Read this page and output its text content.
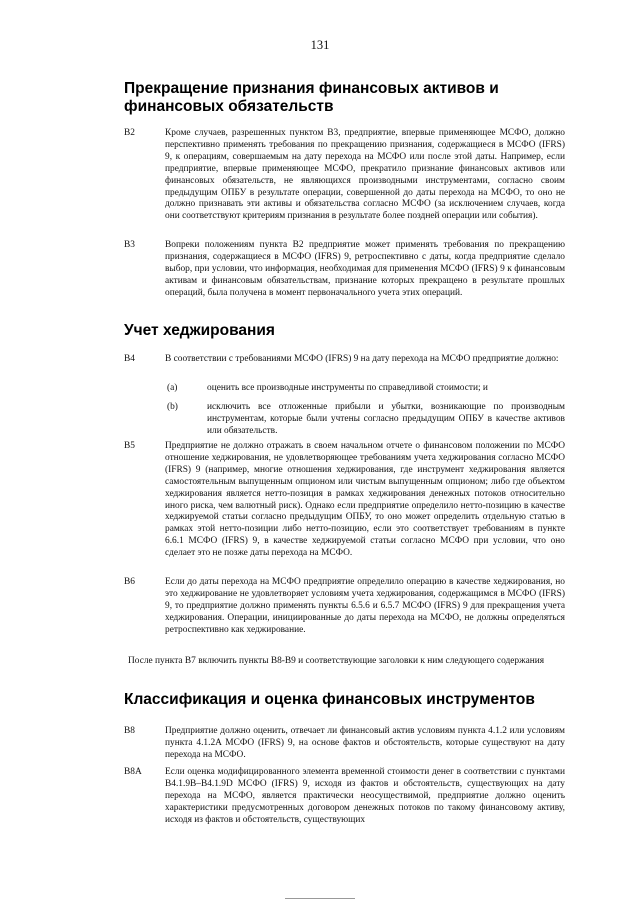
131
Прекращение признания финансовых активов и финансовых обязательств
B2	Кроме случаев, разрешенных пунктом B3, предприятие, впервые применяющее МСФО, должно перспективно применять требования по прекращению признания, содержащиеся в МСФО (IFRS) 9, к операциям, совершаемым на дату перехода на МСФО или после этой даты. Например, если предприятие, впервые применяющее МСФО, прекратило признание финансовых активов или финансовых обязательств, не являющихся производными инструментами, согласно своим предыдущим ОПБУ в результате операции, совершенной до даты перехода на МСФО, то оно не должно признавать эти активы и обязательства согласно МСФО (за исключением случаев, когда они соответствуют критериям признания в результате более поздней операции или события).
B3	Вопреки положениям пункта B2 предприятие может применять требования по прекращению признания, содержащиеся в МСФО (IFRS) 9, ретроспективно с даты, когда предприятие сделало выбор, при условии, что информация, необходимая для применения МСФО (IFRS) 9 к финансовым активам и финансовым обязательствам, признание которых прекращено в результате прошлых операций, была получена в момент первоначального учета этих операций.
Учет хеджирования
B4	В соответствии с требованиями МСФО (IFRS) 9 на дату перехода на МСФО предприятие должно:
(a)	оценить все производные инструменты по справедливой стоимости; и
(b)	исключить все отложенные прибыли и убытки, возникающие по производным инструментам, которые были учтены согласно предыдущим ОПБУ в качестве активов или обязательств.
B5	Предприятие не должно отражать в своем начальном отчете о финансовом положении по МСФО отношение хеджирования, не удовлетворяющее требованиям учета хеджирования согласно МСФО (IFRS) 9 (например, многие отношения хеджирования, где инструмент хеджирования является самостоятельным выпущенным опционом или чистым выпущенным опционом; либо где объектом хеджирования является нетто-позиция в рамках хеджирования денежных потоков относительно иного риска, чем валютный риск). Однако если предприятие определило нетто-позицию в качестве хеджируемой статьи согласно предыдущим ОПБУ, то оно может определить отдельную статью в рамках этой нетто-позиции либо нетто-позицию, если это соответствует требованиям в пункте 6.6.1 МСФО (IFRS) 9, в качестве хеджируемой статьи согласно МСФО при условии, что оно сделает это не позже даты перехода на МСФО.
B6	Если до даты перехода на МСФО предприятие определило операцию в качестве хеджирования, но это хеджирование не удовлетворяет условиям учета хеджирования, содержащимся в МСФО (IFRS) 9, то предприятие должно применять пункты 6.5.6 и 6.5.7 МСФО (IFRS) 9 для прекращения учета хеджирования. Операции, инициированные до даты перехода на МСФО, не должны определяться ретроспективно как хеджирование.
После пункта B7 включить пункты B8-B9 и соответствующие заголовки к ним следующего содержания
Классификация и оценка финансовых инструментов
B8	Предприятие должно оценить, отвечает ли финансовый актив условиям пункта 4.1.2 или условиям пункта 4.1.2A МСФО (IFRS) 9, на основе фактов и обстоятельств, которые существуют на дату перехода на МСФО.
B8A Если оценка модифицированного элемента временной стоимости денег в соответствии с пунктами B4.1.9B–B4.1.9D МСФО (IFRS) 9, исходя из фактов и обстоятельств, существующих на дату перехода на МСФО, является практически неосуществимой, предприятие должно оценить характеристики предусмотренных договором денежных потоков по такому финансовому активу, исходя из фактов и обстоятельств, существующих
